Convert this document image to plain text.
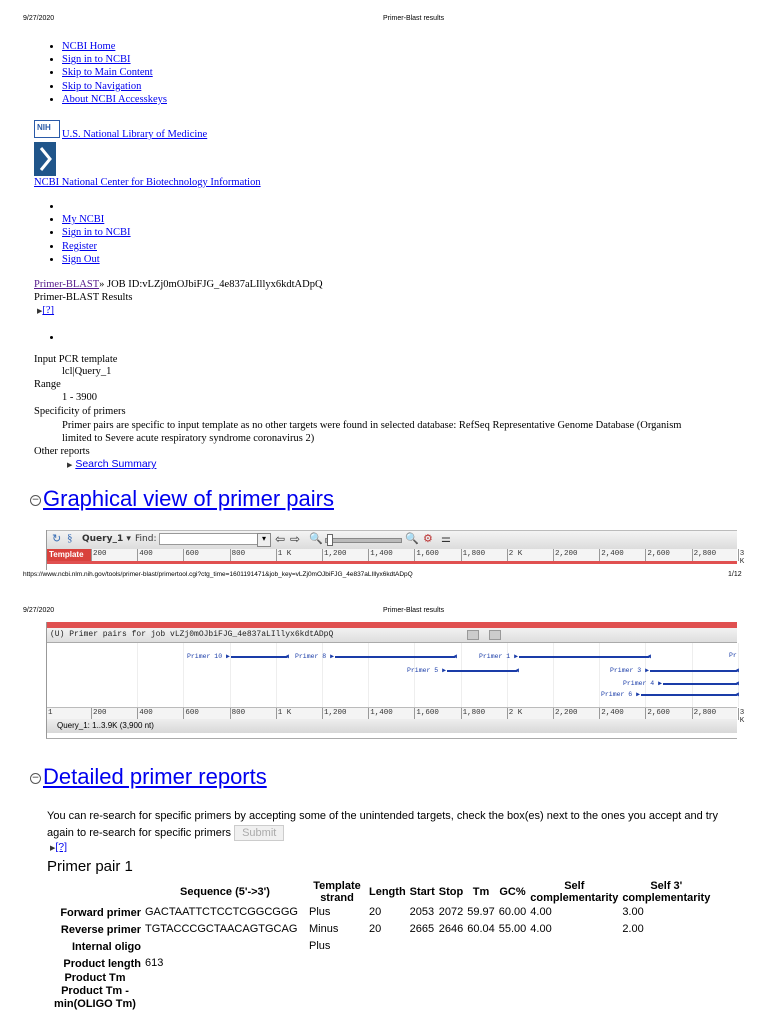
9/27/2020	Primer-Blast results
• NCBI Home
• Sign in to NCBI
• Skip to Main Content
• Skip to Navigation
• About NCBI Accesskeys
NIH
U.S. National Library of Medicine
NCBI National Center for Biotechnology Information
•
• My NCBI
• Sign in to NCBI
• Register
• Sign Out
Primer-BLAST» JOB ID:vLZj0mOJbiFJG_4e837aLIllyx6kdtADpQ
Primer-BLAST Results
▶[?]
•
Input PCR template
lcl|Query_1
Range
1 - 3900
Specificity of primers
Primer pairs are specific to input template as no other targets were found in selected database: RefSeq Representative Genome Database (Organism limited to Severe acute respiratory syndrome coronavirus 2)
Other reports
▶ Search Summary
− Graphical view of primer pairs
↻ § Query_1 ▾ Find:	▾ ⇦ ⇨ 🔍	🔍 ⚙ ⚌
Template	200	400	600	800	1 K	1,200	1,400	1,600	1,800	2 K	2,200	2,400	2,600	2,800	3 K
https://www.ncbi.nlm.nih.gov/tools/primer-blast/primertool.cgi?ctg_time=1601191471&job_key=vLZj0mOJbiFJG_4e837aLIllyx6kdtADpQ	1/12
9/27/2020	Primer-Blast results
(U) Primer pairs for job vLZj0mOJbiFJG_4e837aLIllyx6kdtADpQ
Primer 10 ▶	◀ Primer 8 ▶	◀	Primer 1 ▶	◀
Primer 5 ▶	◀	Primer 3 ▶	◀
Primer 4 ▶	◀
Primer 6 ▶	◀
Pr
1	200	400	600	800	1 K	1,200	1,400	1,600	1,800	2 K	2,200	2,400	2,600	2,800	3 K
Query_1: 1..3.9K (3,900 nt)
− Detailed primer reports
You can re-search for specific primers by accepting some of the unintended targets, check the box(es) next to the ones you accept and try again to re-search for specific primers Submit
▶[?]
Primer pair 1
	Sequence (5'->3')	Template strand	Length	Start	Stop	Tm	GC%	Self complementarity	Self 3' complementarity
Forward primer	GACTAATTCTCCTCGGCGGG	Plus	20	2053	2072	59.97	60.00	4.00	3.00
Reverse primer	TGTACCCGCTAACAGTGCAG	Minus	20	2665	2646	60.04	55.00	4.00	2.00
Internal oligo		Plus							
Product length	613								
Product Tm									
Product Tm - min(OLIGO Tm)									
